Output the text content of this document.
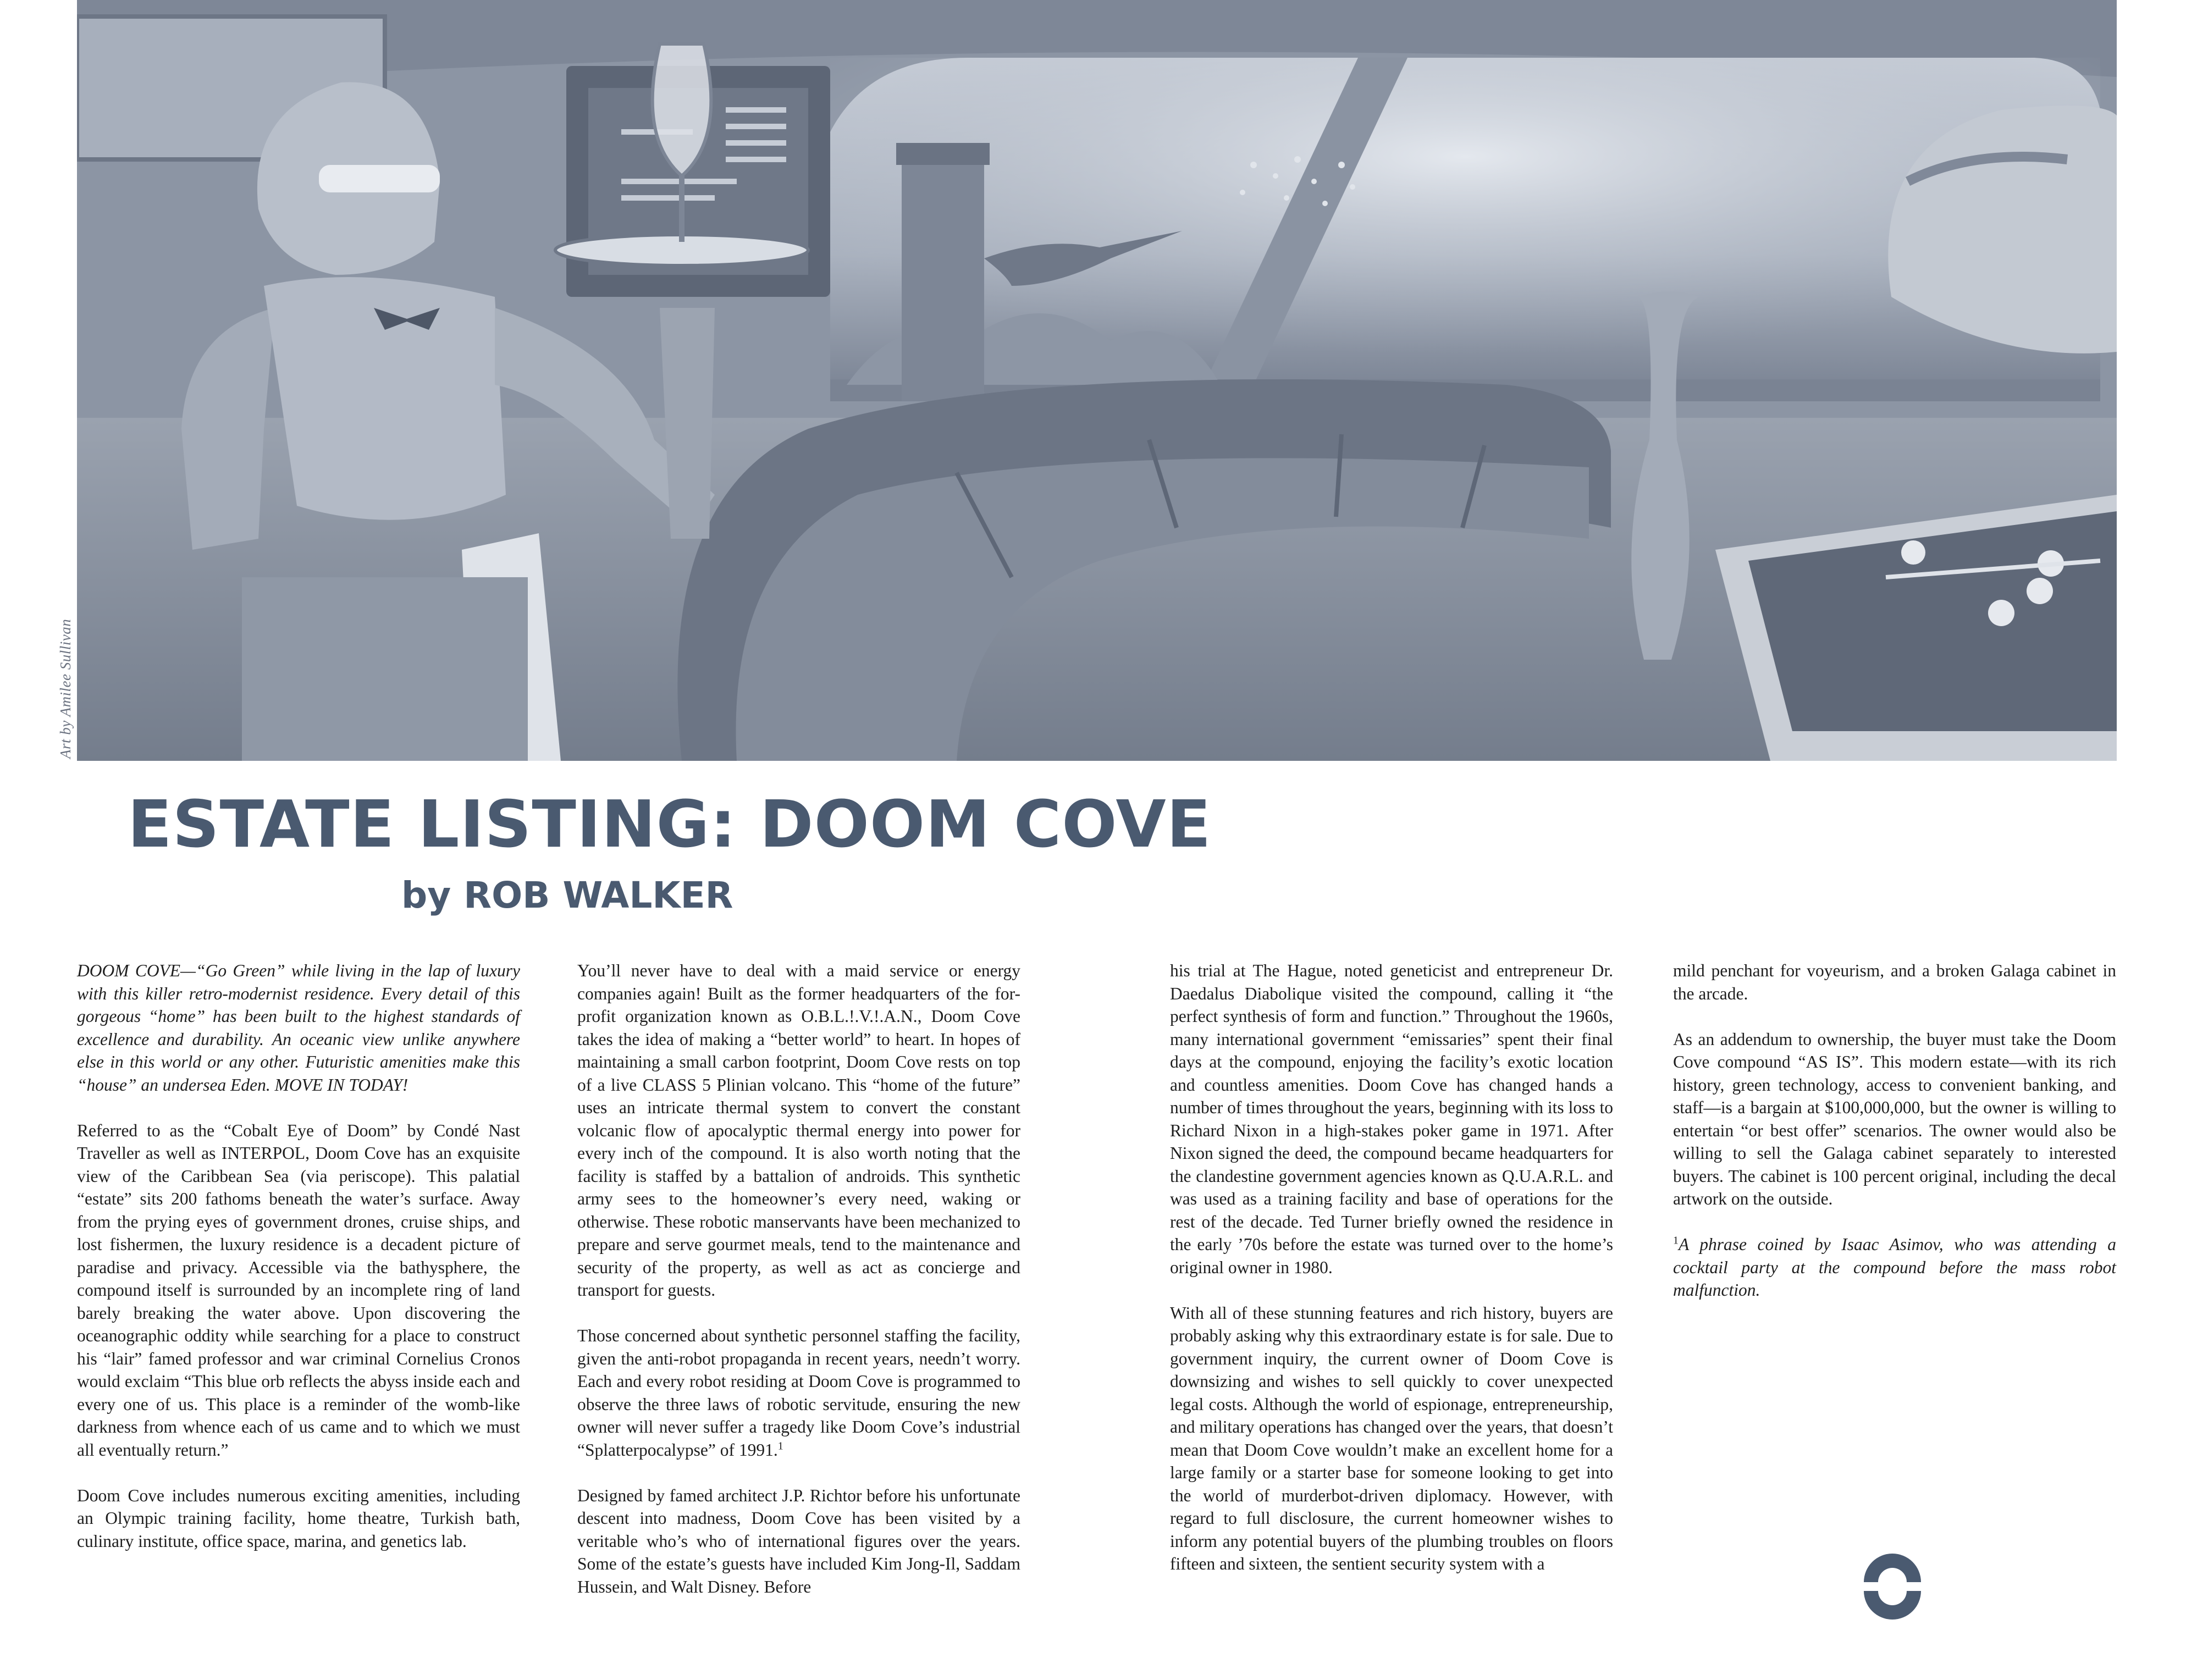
Art by Amilee Sullivan
ESTATE LISTING: DOOM COVE
by ROB WALKER

DOOM COVE—“Go Green” while living in the lap of luxury with this killer retro-modernist residence. Every detail of this gorgeous “home” has been built to the highest standards of excellence and durability. An oceanic view unlike anywhere else in this world or any other. Futuristic amenities make this “house” an undersea Eden. MOVE IN TODAY!

Referred to as the “Cobalt Eye of Doom” by Condé Nast Traveller as well as INTERPOL, Doom Cove has an exquisite view of the Caribbean Sea (via periscope). This palatial “estate” sits 200 fathoms beneath the water’s surface. Away from the prying eyes of government drones, cruise ships, and lost fishermen, the luxury residence is a decadent picture of paradise and privacy. Accessible via the bathysphere, the compound itself is surrounded by an incomplete ring of land barely breaking the water above. Upon discovering the oceanographic oddity while searching for a place to construct his “lair” famed professor and war criminal Cornelius Cronos would exclaim “This blue orb reflects the abyss inside each and every one of us. This place is a reminder of the womb-like darkness from whence each of us came and to which we must all eventually return.”

Doom Cove includes numerous exciting amenities, including an Olympic training facility, home theatre, Turkish bath, culinary institute, office space, marina, and genetics lab.

You’ll never have to deal with a maid service or energy companies again! Built as the former headquarters of the for-profit organization known as O.B.L.!.V.!.A.N., Doom Cove takes the idea of making a “better world” to heart. In hopes of maintaining a small carbon footprint, Doom Cove rests on top of a live CLASS 5 Plinian volcano. This “home of the future” uses an intricate thermal system to convert the constant volcanic flow of apocalyptic thermal energy into power for every inch of the compound. It is also worth noting that the facility is staffed by a battalion of androids. This synthetic army sees to the homeowner’s every need, waking or otherwise. These robotic manservants have been mechanized to prepare and serve gourmet meals, tend to the maintenance and security of the property, as well as act as concierge and transport for guests.

Those concerned about synthetic personnel staffing the facility, given the anti-robot propaganda in recent years, needn’t worry. Each and every robot residing at Doom Cove is programmed to observe the three laws of robotic servitude, ensuring the new owner will never suffer a tragedy like Doom Cove’s industrial “Splatterpocalypse” of 1991.$^1$

Designed by famed architect J.P. Richtor before his unfortunate descent into madness, Doom Cove has been visited by a veritable who’s who of international figures over the years. Some of the estate’s guests have included Kim Jong-Il, Saddam Hussein, and Walt Disney. Before

his trial at The Hague, noted geneticist and entrepreneur Dr. Daedalus Diabolique visited the compound, calling it “the perfect synthesis of form and function.” Throughout the 1960s, many international government “emissaries” spent their final days at the compound, enjoying the facility’s exotic location and countless amenities. Doom Cove has changed hands a number of times throughout the years, beginning with its loss to Richard Nixon in a high-stakes poker game in 1971. After Nixon signed the deed, the compound became headquarters for the clandestine government agencies known as Q.U.A.R.L. and was used as a training facility and base of operations for the rest of the decade. Ted Turner briefly owned the residence in the early ’70s before the estate was turned over to the home’s original owner in 1980.

With all of these stunning features and rich history, buyers are probably asking why this extraordinary estate is for sale. Due to government inquiry, the current owner of Doom Cove is downsizing and wishes to sell quickly to cover unexpected legal costs. Although the world of espionage, entrepreneurship, and military operations has changed over the years, that doesn’t mean that Doom Cove wouldn’t make an excellent home for a large family or a starter base for someone looking to get into the world of murderbot-driven diplomacy. However, with regard to full disclosure, the current homeowner wishes to inform any potential buyers of the plumbing troubles on floors fifteen and sixteen, the sentient security system with a

mild penchant for voyeurism, and a broken Galaga cabinet in the arcade.

As an addendum to ownership, the buyer must take the Doom Cove compound “AS IS”. This modern estate—with its rich history, green technology, access to convenient banking, and staff—is a bargain at $100,000,000, but the owner is willing to entertain “or best offer” scenarios. The owner would also be willing to sell the Galaga cabinet separately to interested buyers. The cabinet is 100 percent original, including the decal artwork on the outside.

$^1$A phrase coined by Isaac Asimov, who was attending a cocktail party at the compound before the mass robot malfunction.
